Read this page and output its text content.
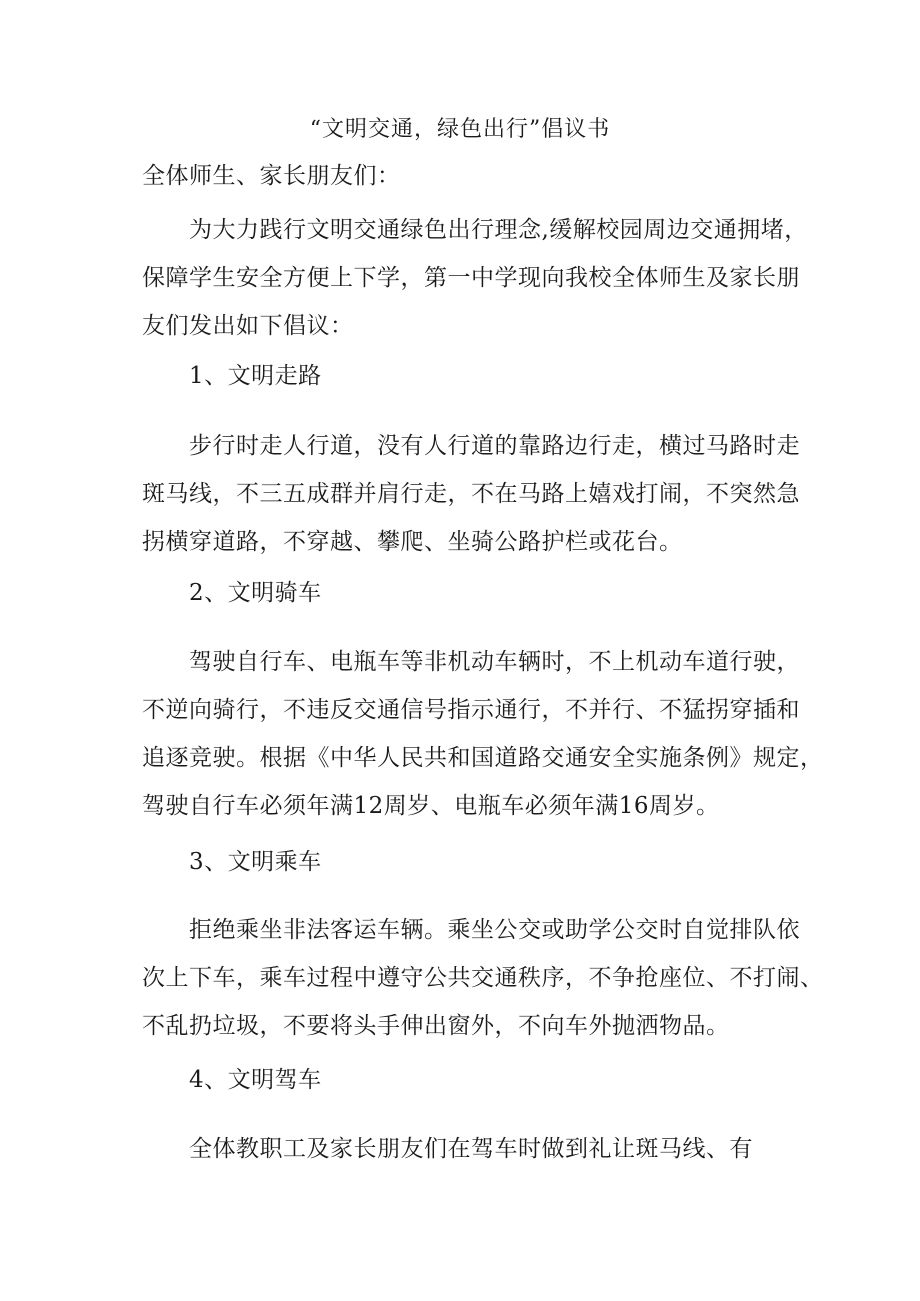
“文明交通，绿色出行”倡议书
全体师生、家长朋友们：
为大力践行文明交通绿色出行理念,缓解校园周边交通拥堵，
保障学生安全方便上下学，第一中学现向我校全体师生及家长朋
友们发出如下倡议：
1、文明走路
步行时走人行道，没有人行道的靠路边行走，横过马路时走
斑马线，不三五成群并肩行走，不在马路上嬉戏打闹，不突然急
拐横穿道路，不穿越、攀爬、坐骑公路护栏或花台。
2、文明骑车
驾驶自行车、电瓶车等非机动车辆时，不上机动车道行驶，
不逆向骑行，不违反交通信号指示通行，不并行、不猛拐穿插和
追逐竞驶。根据《中华人民共和国道路交通安全实施条例》规定，
驾驶自行车必须年满12周岁、电瓶车必须年满16周岁。
3、文明乘车
拒绝乘坐非法客运车辆。乘坐公交或助学公交时自觉排队依
次上下车，乘车过程中遵守公共交通秩序，不争抢座位、不打闹、
不乱扔垃圾，不要将头手伸出窗外，不向车外抛洒物品。
4、文明驾车
全体教职工及家长朋友们在驾车时做到礼让斑马线、有
